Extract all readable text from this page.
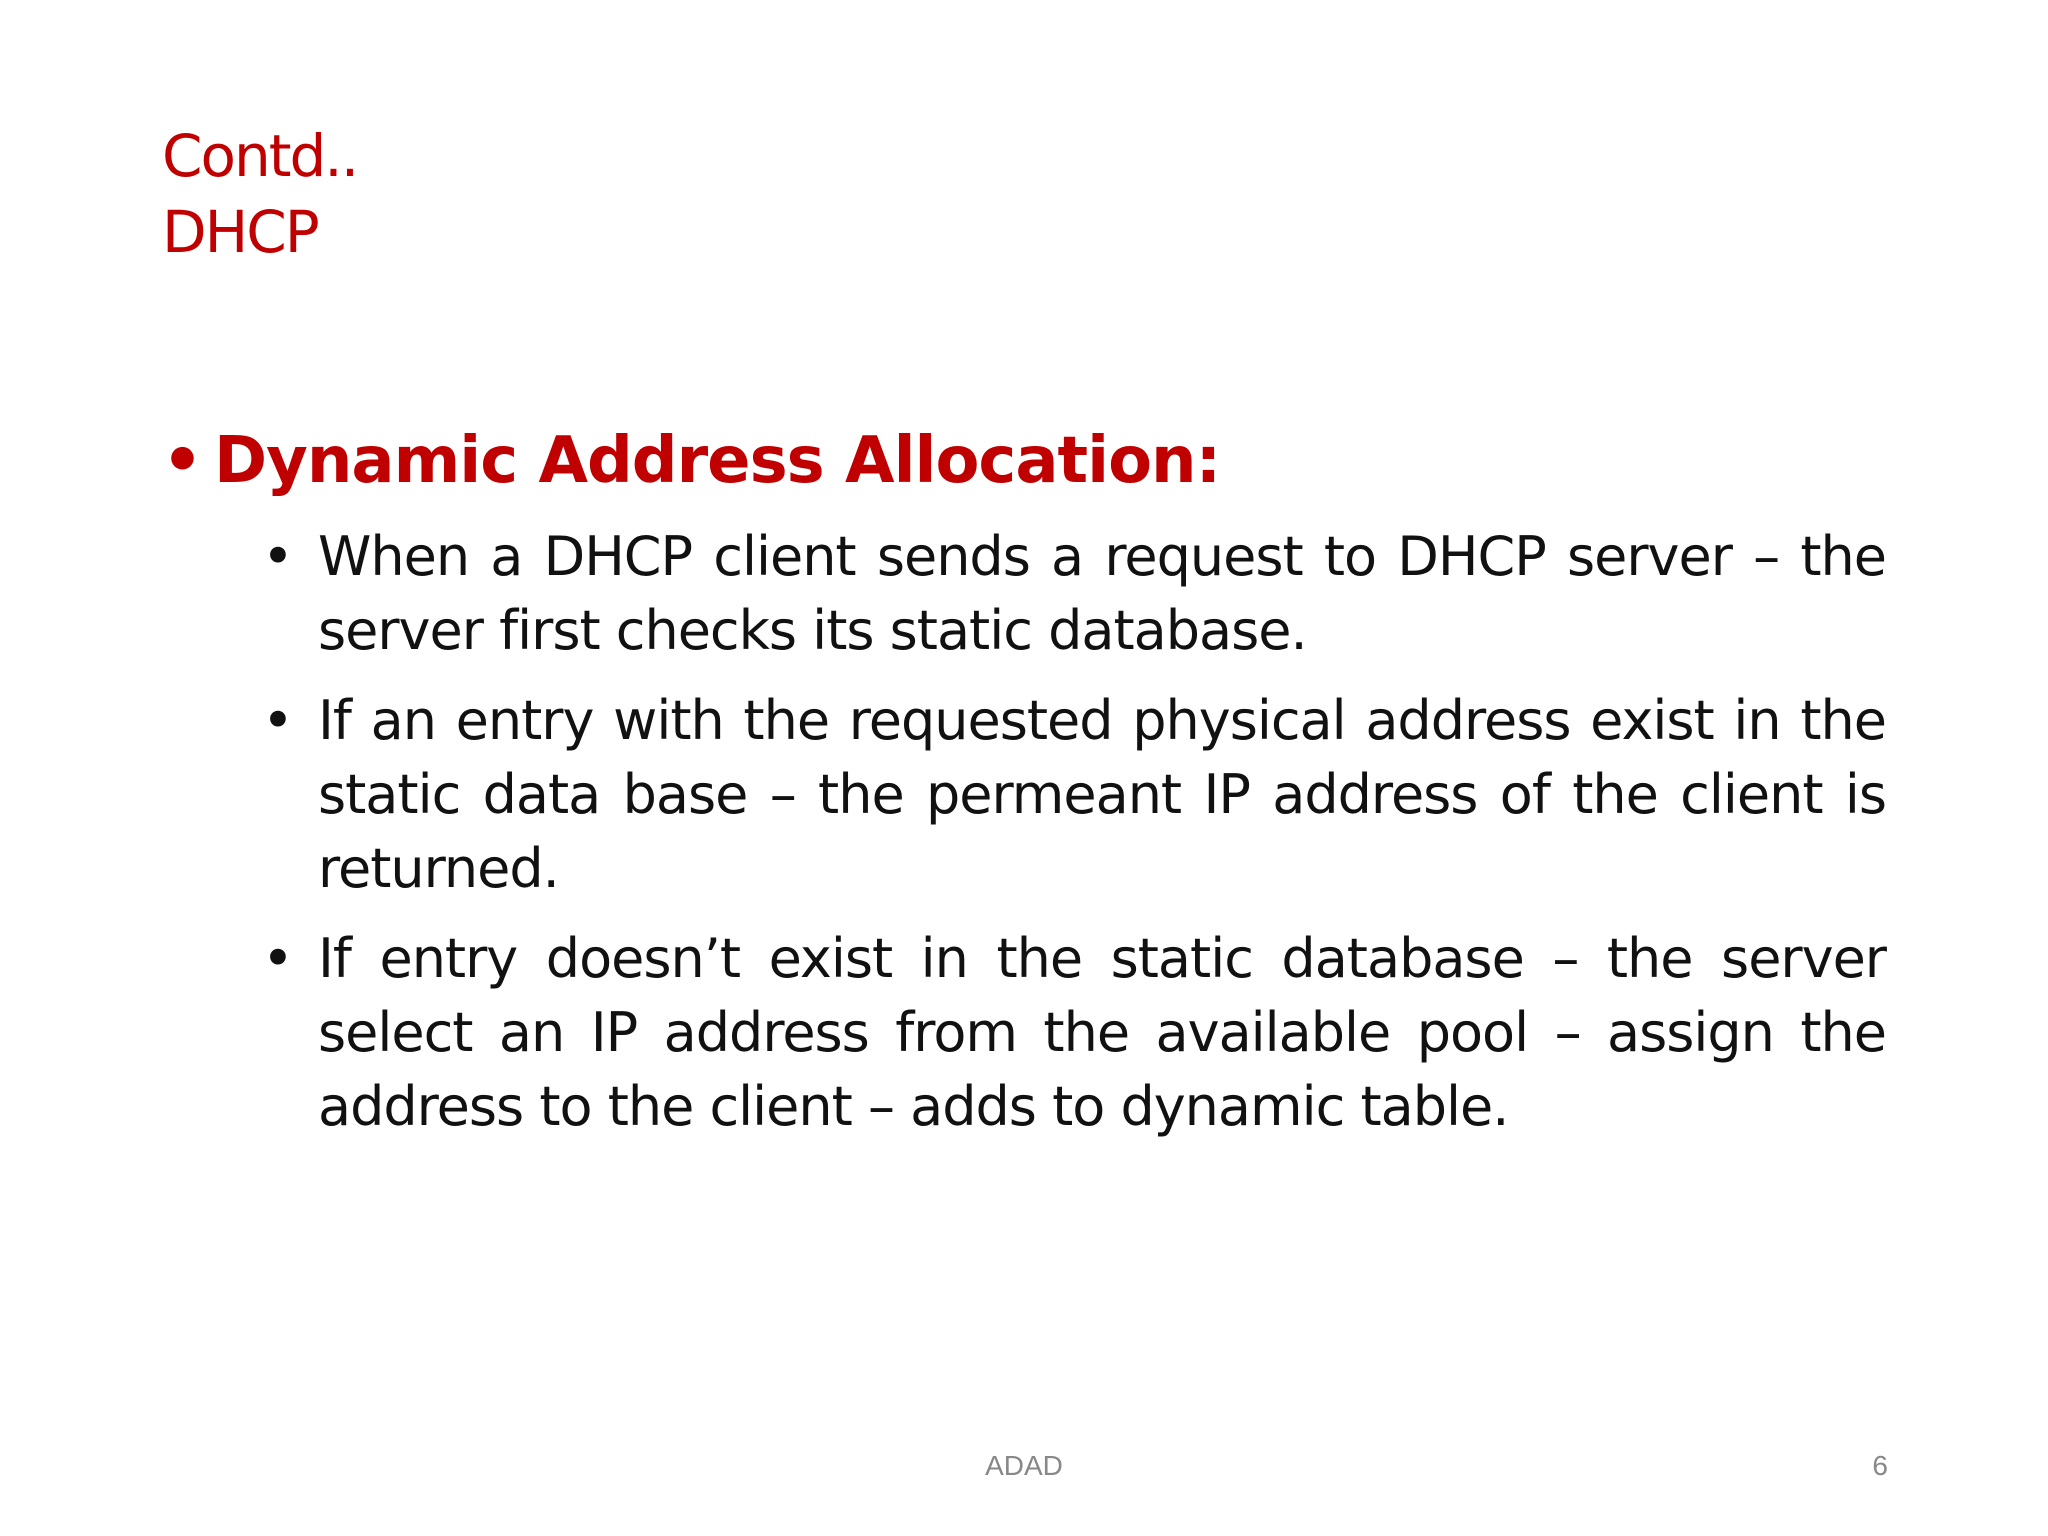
Contd..
DHCP
• Dynamic Address Allocation:
• When a DHCP client sends a request to DHCP server – the server first checks its static database.
• If an entry with the requested physical address exist in the static data base – the permeant IP address of the client is returned.
• If entry doesn’t exist in the static database – the server select an IP address from the available pool – assign the address to the client – adds to dynamic table.
ADAD	6
